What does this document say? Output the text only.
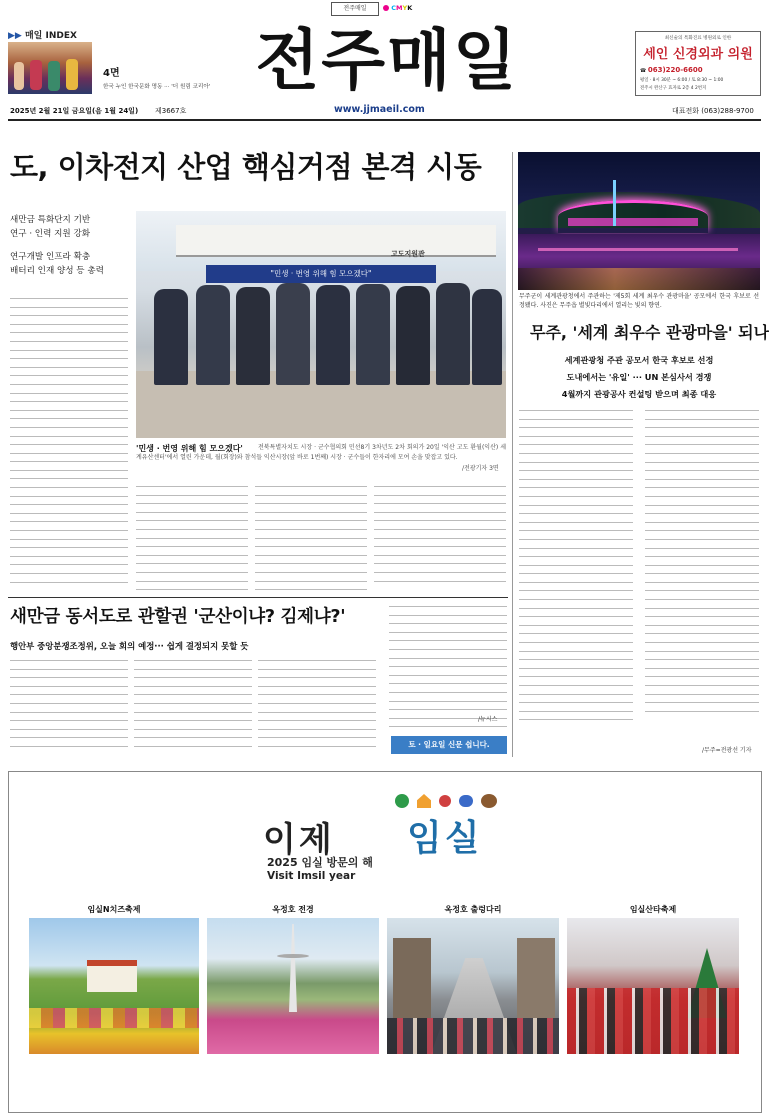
전주매일	CMYK
▶▶ 매일 INDEX
4면
한국 누인 한국문화 명동 ··· '더 원림 코리아' 전주매일
www.jjmaeil.com
최신술의 특화진료 병원외로 인한
세인 신경외과 의원
☎ 063)220-6600
평일 · 8시 30분 ~ 6:00 / 토 8:30 ~ 1:00
전주시 완산구 효자로 2층 4 2번지
2025년 2월 21일 금요일(음 1월 24일) 제3667호	대표전화 (063)288-9700
도, 이차전지 산업 핵심거점 본격 시동
새만금 특화단지 기반
연구 · 인력 지원 강화
연구개발 인프라 확충
배터리 인재 양성 등 총력
고도지원관
"민생 · 번영 위해 힘 모으겠다"
'민생 · 번영 위해 힘 모으겠다'	전북특별자치도 시장 · 군수협의회 민선8기 3차년도 2차 회의가 20일 '익산 고도 환월(익산) 세계유산센터'에서 열린 가운데, 월(회장)와 참석들 익산시장(앞 바로 1번째) 시장 · 군수들이 한자리에 모여 손을 맞잡고 있다.
/전광기자 3면
무주군이 세계관광청에서 주관하는 '제5회 세계 최우수 관광마을' 공모에서 한국 후보로 선정됐다. 사진은 무주읍 별빛다리에서 열리는 빛의 향연.
무주, '세계 최우수 관광마을' 되나
세계관광청 주관 공모서 한국 후보로 선정
도내에서는 '유일' ··· UN 본심사서 경쟁
4월까지 관광공사 컨설팅 받으며 최종 대응
/무주=전광선 기자
새만금 동서도로 관할권 '군산이냐? 김제냐?'
행안부 중앙분쟁조정위, 오늘 회의 예정··· 쉽게 결정되지 못할 듯
/뉴시스
토 · 일요일 신문 쉽니다.
이제 임실
2025 임실 방문의 해
Visit Imsil year
임실N치즈축제	옥정호 전경	옥정호 출렁다리	임실산타축제
